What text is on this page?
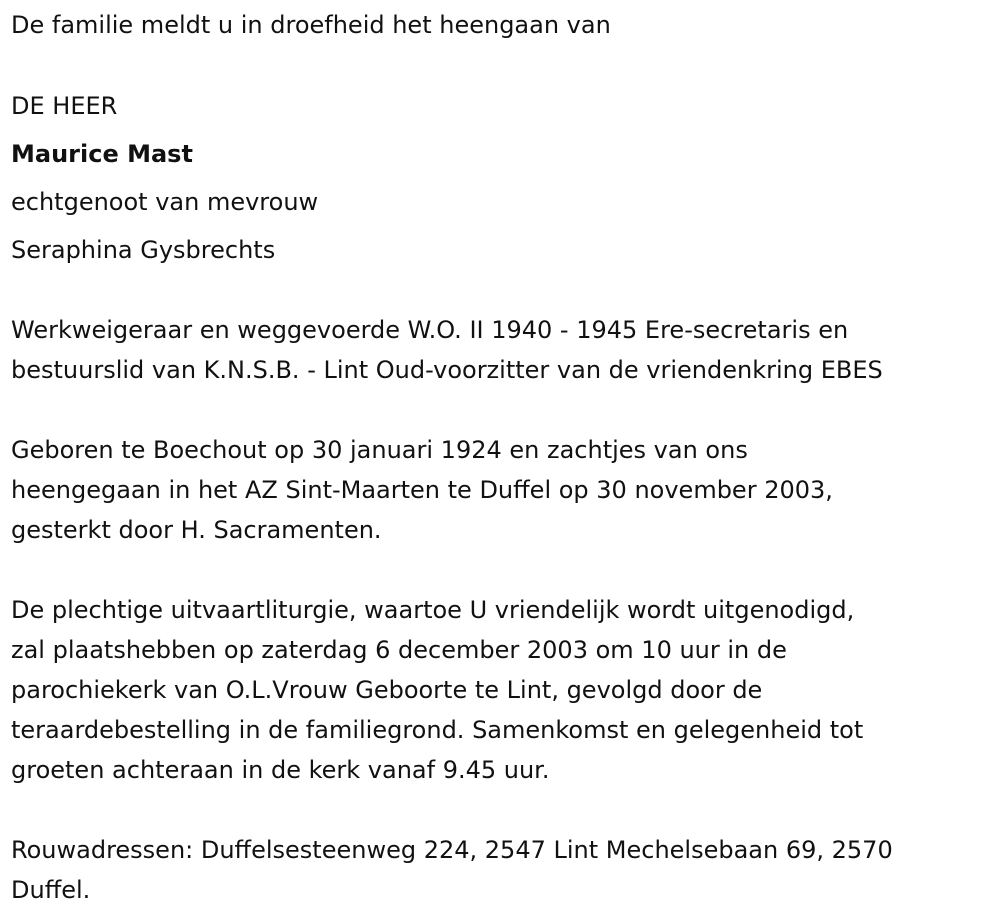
De familie meldt u in droefheid het heengaan van
DE HEER
Maurice Mast
echtgenoot van mevrouw
Seraphina Gysbrechts
Werkweigeraar en weggevoerde W.O. II 1940 - 1945 Ere-secretaris en
bestuurslid van K.N.S.B. - Lint Oud-voorzitter van de vriendenkring EBES
Geboren te Boechout op 30 januari 1924 en zachtjes van ons
heengegaan in het AZ Sint-Maarten te Duffel op 30 november 2003,
gesterkt door H. Sacramenten.
De plechtige uitvaartliturgie, waartoe U vriendelijk wordt uitgenodigd,
zal plaatshebben op zaterdag 6 december 2003 om 10 uur in de
parochiekerk van O.L.Vrouw Geboorte te Lint, gevolgd door de
teraardebestelling in de familiegrond. Samenkomst en gelegenheid tot
groeten achteraan in de kerk vanaf 9.45 uur.
Rouwadressen: Duffelsesteenweg 224, 2547 Lint Mechelsebaan 69, 2570
Duffel.
